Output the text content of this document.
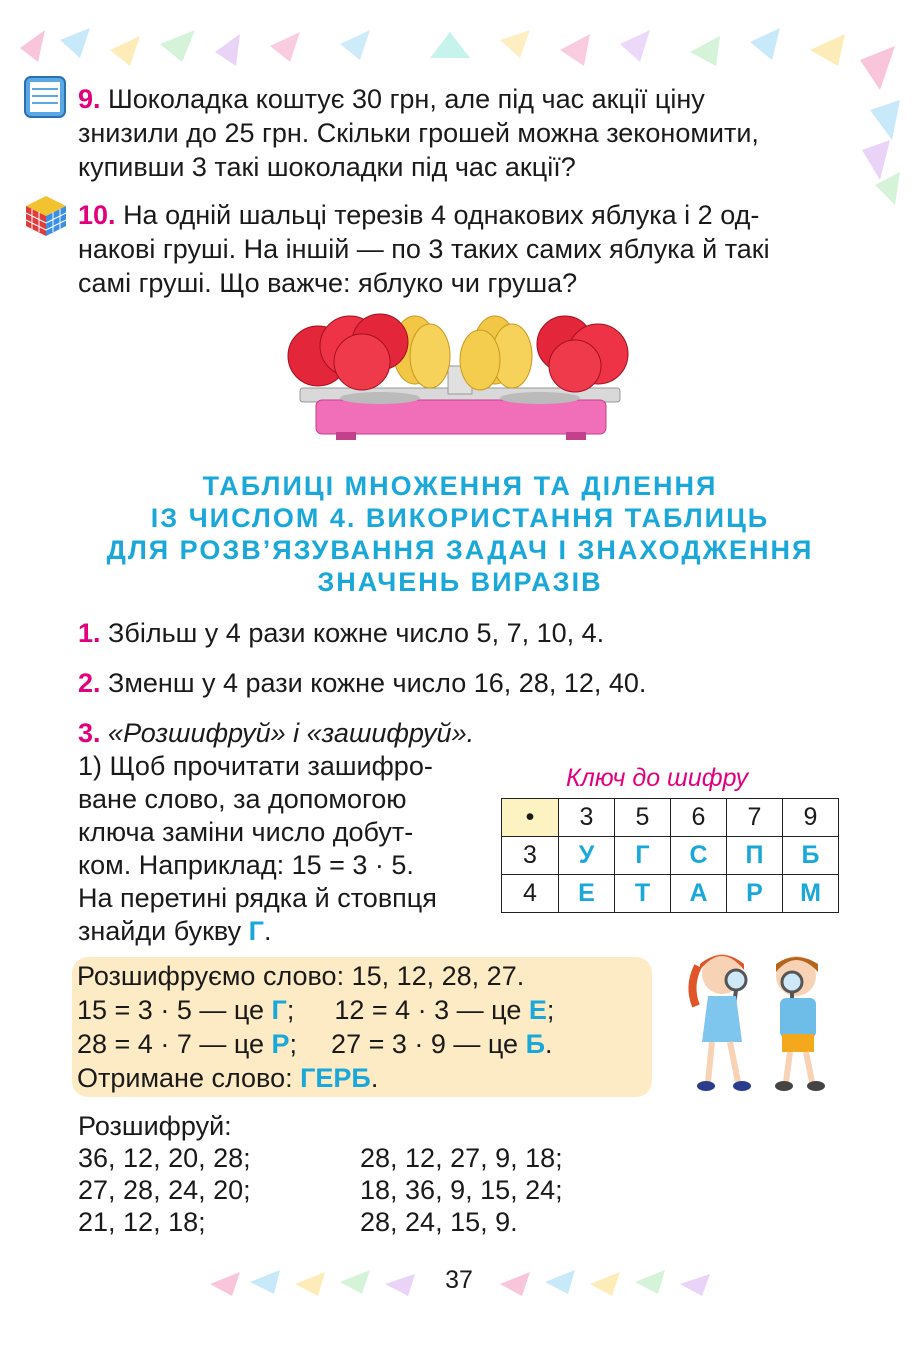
9. Шоколадка коштує 30 грн, але під час акції ціну
знизили до 25 грн. Скільки грошей можна зекономити,
купивши 3 такі шоколадки під час акції?
10. На одній шальці терезів 4 однакових яблука і 2 од-
накові груші. На іншій — по 3 таких самих яблука й такі
самі груші. Що важче: яблуко чи груша?
ТАБЛИЦІ МНОЖЕННЯ ТА ДІЛЕННЯ
ІЗ ЧИСЛОМ 4. ВИКОРИСТАННЯ ТАБЛИЦЬ
ДЛЯ РОЗВ’ЯЗУВАННЯ ЗАДАЧ І ЗНАХОДЖЕННЯ
ЗНАЧЕНЬ ВИРАЗІВ
1. Збільш у 4 рази кожне число 5, 7, 10, 4.
2. Зменш у 4 рази кожне число 16, 28, 12, 40.
3. «Розшифруй» і «зашифруй».
1) Щоб прочитати зашифро-
ване слово, за допомогою
ключа заміни число добут-
ком. Наприклад: 15 = 3 · 5.
На перетині рядка й стовпця
знайди букву Г.
Ключ до шифру
•	3	5	6	7	9
3	У	Г	С	П	Б
4	Е	Т	А	Р	М
Розшифруємо слово: 15, 12, 28, 27.
15 = 3 · 5 — це Г; 12 = 4 · 3 — це Е;
28 = 4 · 7 — це Р; 27 = 3 · 9 — це Б.
Отримане слово: ГЕРБ.
Розшифруй:
36, 12, 20, 28;
27, 28, 24, 20;
21, 12, 18;
28, 12, 27, 9, 18;
18, 36, 9, 15, 24;
28, 24, 15, 9.
37
